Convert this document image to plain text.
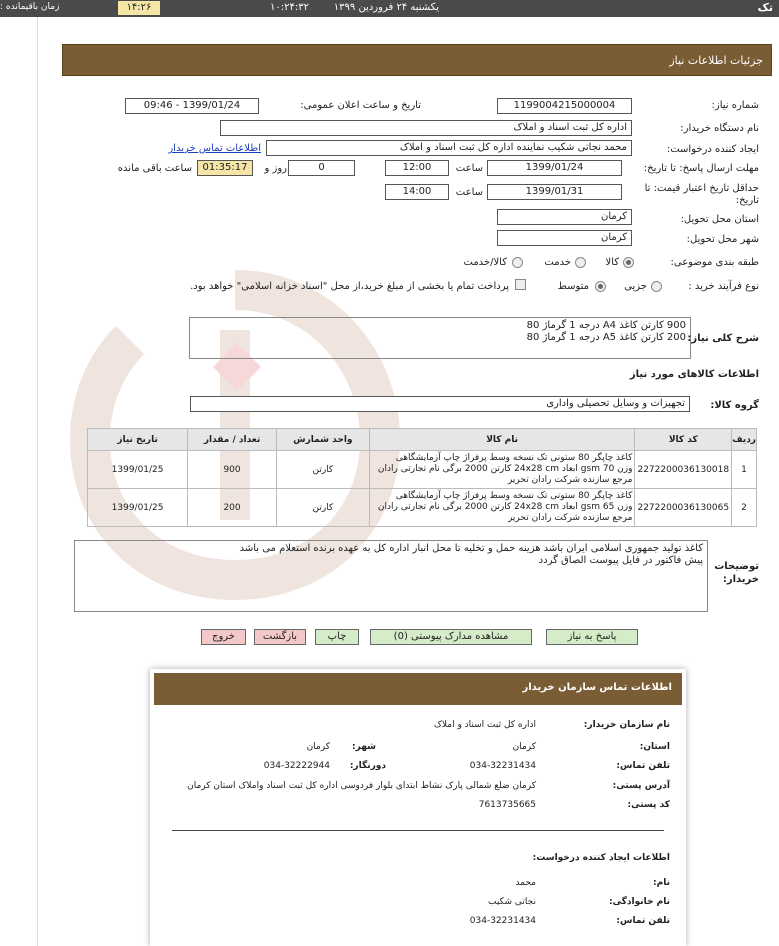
تک
یکشنبه ۲۴ فروردین ۱۳۹۹
۱۰:۲۴:۳۲
۱۴:۲۶
زمان باقیمانده :
جزئیات اطلاعات نیاز
شماره نیاز:
1199004215000004
تاریخ و ساعت اعلان عمومی:
1399/01/24 - 09:46
نام دستگاه خریدار:
اداره کل ثبت اسناد و املاک
ایجاد کننده درخواست:
محمد نجاتی شکیب نماینده اداره کل ثبت اسناد و املاک
اطلاعات تماس خریدار
مهلت ارسال پاسخ: تا تاریخ:
1399/01/24
ساعت
12:00
0
روز و
01:35:17
ساعت باقی مانده
حداقل تاریخ اعتبار قیمت: تا تاریخ:
1399/01/31
ساعت
14:00
استان محل تحویل:
کرمان
شهر محل تحویل:
کرمان
طبقه بندی موضوعی:
کالا
خدمت
کالا/خدمت
نوع فرآیند خرید :
جزیی
متوسط
پرداخت تمام یا بخشی از مبلغ خرید،از محل "اسناد خزانه اسلامی" خواهد بود.
900 کارتن کاغذ A4 درجه 1 گرماژ 80
200 کارتن کاغذ A5 درجه 1 گرماژ 80 شرح کلی نیاز:
اطلاعات کالاهای مورد نیاز
گروه کالا:
تجهیزات و وسایل تحصیلی واداری
ردیف	کد کالا	نام کالا	واحد شمارش	تعداد / مقدار	تاریخ نیاز
1	2272200036130018	کاغذ چاپگر 80 ستونی تک نسخه وسط پرفراژ چاپ آزمایشگاهی
وزن 70 gsm ابعاد 24x28 cm کارتن 2000 برگی نام تجارتی رادان
مرجع سازنده شرکت رادان تحریر	کارتن	900	1399/01/25
2	2272200036130065	کاغذ چاپگر 80 ستونی تک نسخه وسط پرفراژ چاپ آزمایشگاهی
وزن 65 gsm ابعاد 24x28 cm کارتن 2000 برگی نام تجارتی رادان
مرجع سازنده شرکت رادان تحریر	کارتن	200	1399/01/25
کاغذ تولید جمهوری اسلامی ایران باشد هزینه حمل و تخلیه تا محل انبار اداره کل به عهده برنده استعلام می باشد
پیش فاکتور در فایل پیوست الصاق گردد
توضیحات خریدار:
پاسخ به نیاز
مشاهده مدارک پیوستی (0)
چاپ
بازگشت
خروج
اطلاعات تماس سازمان خریدار
نام سازمان خریدار:
اداره کل ثبت اسناد و املاک
استان:
کرمان
شهر:
کرمان
تلفن تماس:
034-32231434
دورنگار:
034-32222944
آدرس پستی:
کرمان ضلع شمالی پارک نشاط ابتدای بلوار فردوسی اداره کل ثبت اسناد واملاک استان کرمان
کد پستی:
7613735665
اطلاعات ایجاد کننده درخواست:
نام:
محمد
نام خانوادگی:
نجاتی شکیب
تلفن تماس:
034-32231434
